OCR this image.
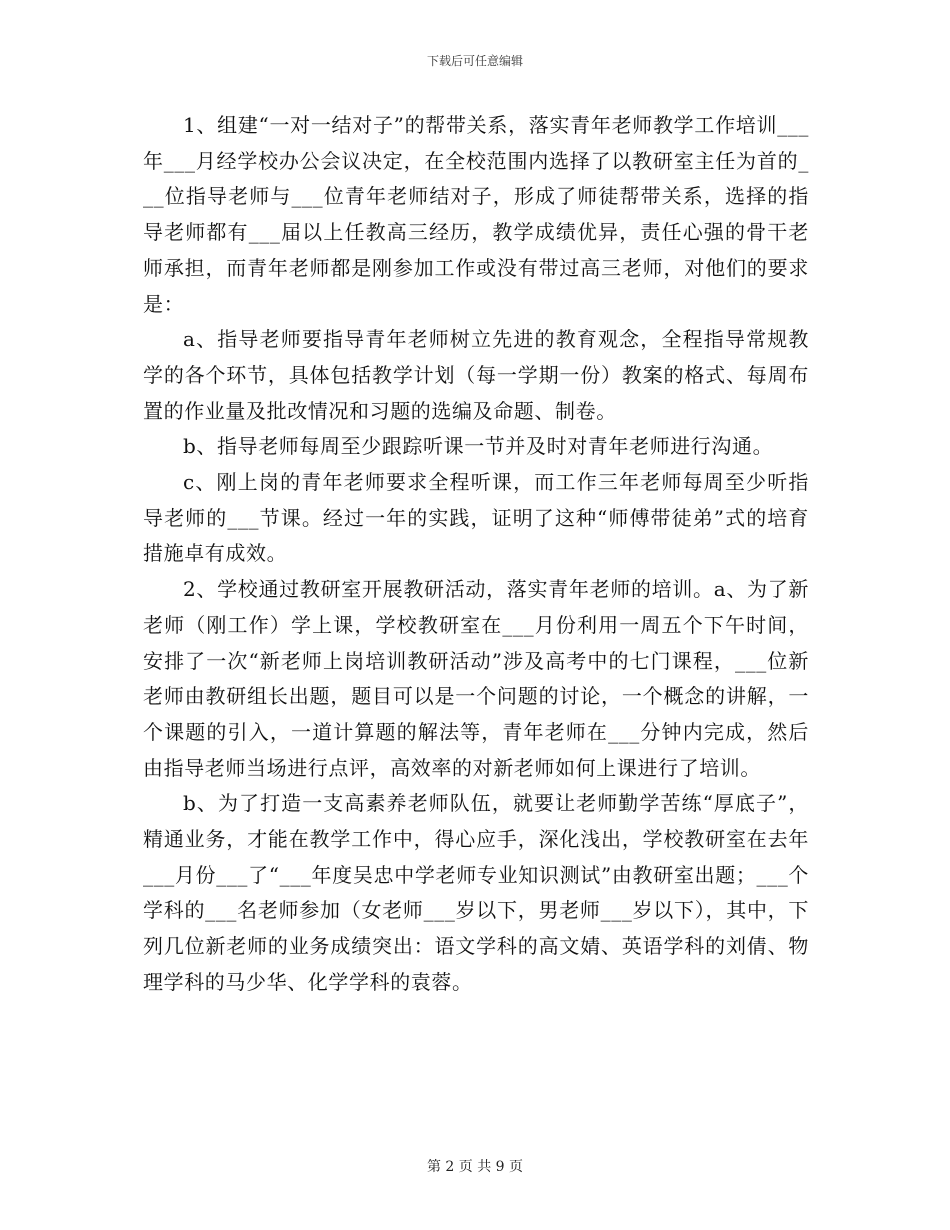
下载后可任意编辑

1、组建“一对一结对子”的帮带关系，落实青年老师教学工作培训___年___月经学校办公会议决定，在全校范围内选择了以教研室主任为首的___位指导老师与___位青年老师结对子，形成了师徒帮带关系，选择的指导老师都有___届以上任教高三经历，教学成绩优异，责任心强的骨干老师承担，而青年老师都是刚参加工作或没有带过高三老师，对他们的要求是：

a、指导老师要指导青年老师树立先进的教育观念，全程指导常规教学的各个环节，具体包括教学计划（每一学期一份）教案的格式、每周布置的作业量及批改情况和习题的选编及命题、制卷。

b、指导老师每周至少跟踪听课一节并及时对青年老师进行沟通。

c、刚上岗的青年老师要求全程听课，而工作三年老师每周至少听指导老师的___节课。经过一年的实践，证明了这种“师傅带徒弟”式的培育措施卓有成效。

2、学校通过教研室开展教研活动，落实青年老师的培训。a、为了新老师（刚工作）学上课，学校教研室在___月份利用一周五个下午时间，安排了一次“新老师上岗培训教研活动”涉及高考中的七门课程，___位新老师由教研组长出题，题目可以是一个问题的讨论，一个概念的讲解，一个课题的引入，一道计算题的解法等，青年老师在___分钟内完成，然后由指导老师当场进行点评，高效率的对新老师如何上课进行了培训。

b、为了打造一支高素养老师队伍，就要让老师勤学苦练“厚底子”，精通业务，才能在教学工作中，得心应手，深化浅出，学校教研室在去年___月份___了“___年度吴忠中学老师专业知识测试”由教研室出题；___个学科的___名老师参加（女老师___岁以下，男老师___岁以下），其中，下列几位新老师的业务成绩突出：语文学科的高文婧、英语学科的刘倩、物理学科的马少华、化学学科的袁蓉。

第 2 页 共 9 页
